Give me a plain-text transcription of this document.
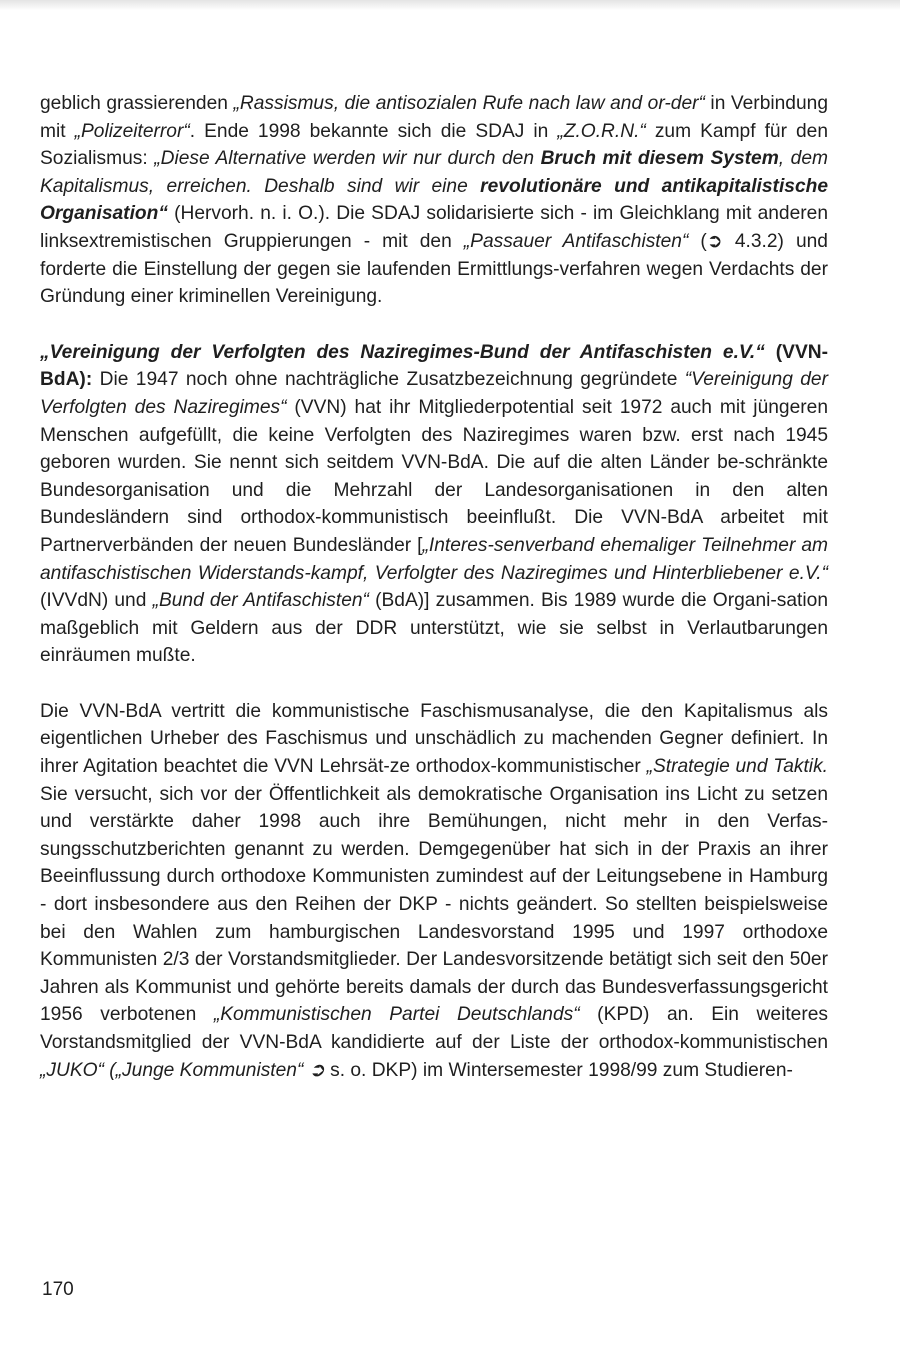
geblich grassierenden „Rassismus, die antisozialen Rufe nach law and or-der“ in Verbindung mit „Polizeiterror“. Ende 1998 bekannte sich die SDAJ in „Z.O.R.N.“ zum Kampf für den Sozialismus: „Diese Alternative werden wir nur durch den Bruch mit diesem System, dem Kapitalismus, erreichen. Deshalb sind wir eine revolutionäre und antikapitalistische Organisation“ (Hervorh. n. i. O.). Die SDAJ solidarisierte sich - im Gleichklang mit anderen linksextremistischen Gruppierungen - mit den „Passauer Antifaschisten“ (➲ 4.3.2) und forderte die Einstellung der gegen sie laufenden Ermittlungs-verfahren wegen Verdachts der Gründung einer kriminellen Vereinigung.

„Vereinigung der Verfolgten des Naziregimes-Bund der Antifaschisten e.V.“ (VVN-BdA): Die 1947 noch ohne nachträgliche Zusatzbezeichnung gegründete “Vereinigung der Verfolgten des Naziregimes“ (VVN) hat ihr Mitgliederpotential seit 1972 auch mit jüngeren Menschen aufgefüllt, die keine Verfolgten des Naziregimes waren bzw. erst nach 1945 geboren wurden. Sie nennt sich seitdem VVN-BdA. Die auf die alten Länder be-schränkte Bundesorganisation und die Mehrzahl der Landesorganisationen in den alten Bundesländern sind orthodox-kommunistisch beeinflußt. Die VVN-BdA arbeitet mit Partnerverbänden der neuen Bundesländer [„Interes-senverband ehemaliger Teilnehmer am antifaschistischen Widerstands-kampf, Verfolgter des Naziregimes und Hinterbliebener e.V.“ (IVVdN) und „Bund der Antifaschisten“ (BdA)] zusammen. Bis 1989 wurde die Organi-sation maßgeblich mit Geldern aus der DDR unterstützt, wie sie selbst in Verlautbarungen einräumen mußte.

Die VVN-BdA vertritt die kommunistische Faschismusanalyse, die den Kapitalismus als eigentlichen Urheber des Faschismus und unschädlich zu machenden Gegner definiert. In ihrer Agitation beachtet die VVN Lehrsät-ze orthodox-kommunistischer „Strategie und Taktik. Sie versucht, sich vor der Öffentlichkeit als demokratische Organisation ins Licht zu setzen und verstärkte daher 1998 auch ihre Bemühungen, nicht mehr in den Verfas-sungsschutzberichten genannt zu werden. Demgegenüber hat sich in der Praxis an ihrer Beeinflussung durch orthodoxe Kommunisten zumindest auf der Leitungsebene in Hamburg - dort insbesondere aus den Reihen der DKP - nichts geändert. So stellten beispielsweise bei den Wahlen zum hamburgischen Landesvorstand 1995 und 1997 orthodoxe Kommunisten 2/3 der Vorstandsmitglieder. Der Landesvorsitzende betätigt sich seit den 50er Jahren als Kommunist und gehörte bereits damals der durch das Bundesverfassungsgericht 1956 verbotenen „Kommunistischen Partei Deutschlands“ (KPD) an. Ein weiteres Vorstandsmitglied der VVN-BdA kandidierte auf der Liste der orthodox-kommunistischen „JUKO“ („Junge Kommunisten“ ➲ s. o. DKP) im Wintersemester 1998/99 zum Studieren-

170
